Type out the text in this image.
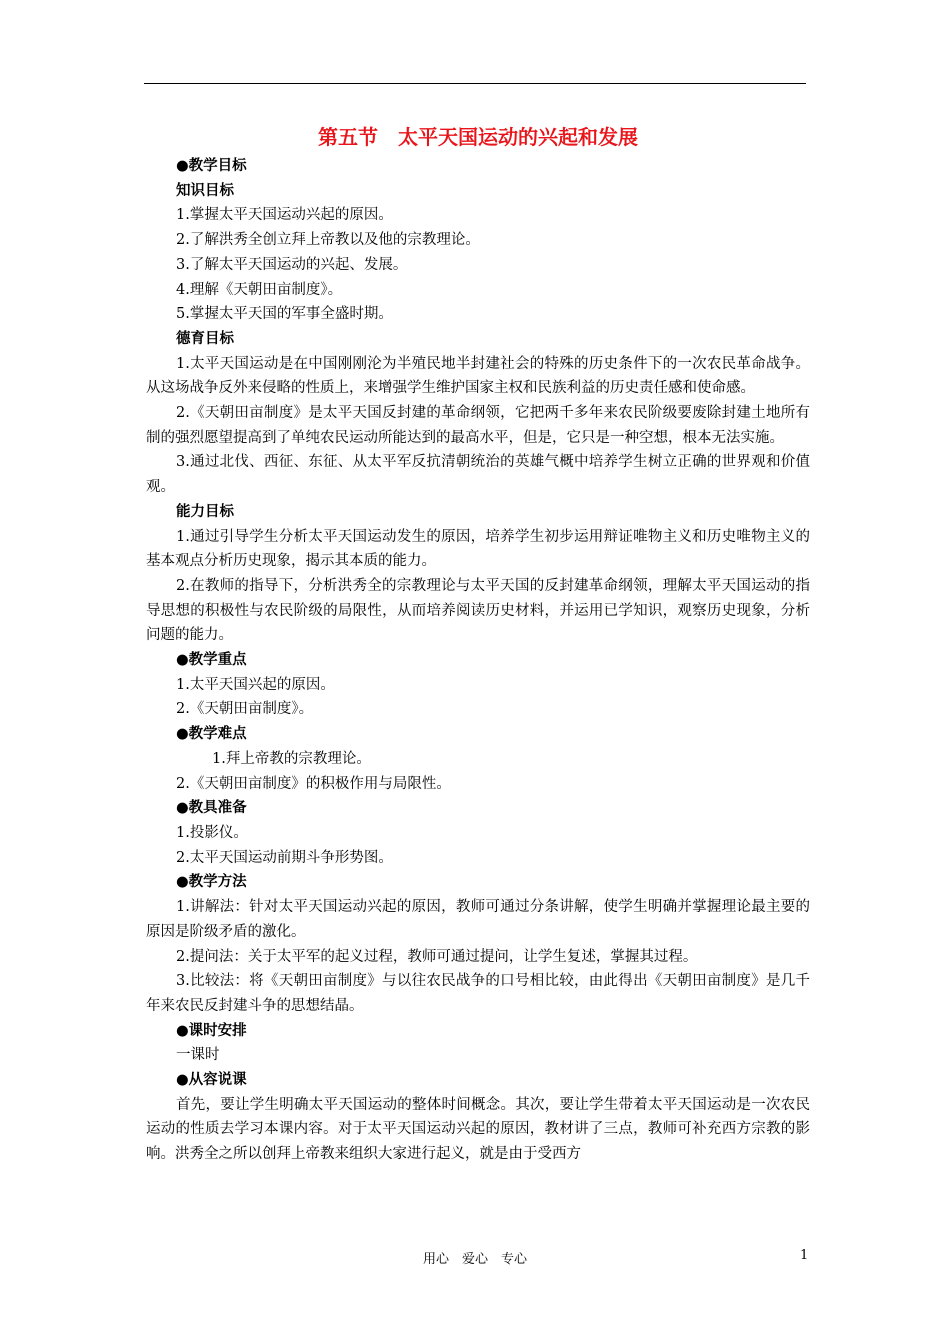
第五节　太平天国运动的兴起和发展
●教学目标
知识目标
1.掌握太平天国运动兴起的原因。
2.了解洪秀全创立拜上帝教以及他的宗教理论。
3.了解太平天国运动的兴起、发展。
4.理解《天朝田亩制度》。
5.掌握太平天国的军事全盛时期。
德育目标

1.太平天国运动是在中国刚刚沦为半殖民地半封建社会的特殊的历史条件下的一次农民革命战争。从这场战争反外来侵略的性质上，来增强学生维护国家主权和民族利益的历史责任感和使命感。

2.《天朝田亩制度》是太平天国反封建的革命纲领，它把两千多年来农民阶级要废除封建土地所有制的强烈愿望提高到了单纯农民运动所能达到的最高水平，但是，它只是一种空想，根本无法实施。

3.通过北伐、西征、东征、从太平军反抗清朝统治的英雄气概中培养学生树立正确的世界观和价值观。

能力目标

1.通过引导学生分析太平天国运动发生的原因，培养学生初步运用辩证唯物主义和历史唯物主义的基本观点分析历史现象，揭示其本质的能力。

2.在教师的指导下，分析洪秀全的宗教理论与太平天国的反封建革命纲领，理解太平天国运动的指导思想的积极性与农民阶级的局限性，从而培养阅读历史材料，并运用已学知识，观察历史现象，分析问题的能力。

●教学重点
1.太平天国兴起的原因。
2.《天朝田亩制度》。
●教学难点
1.拜上帝教的宗教理论。
2.《天朝田亩制度》的积极作用与局限性。
●教具准备
1.投影仪。
2.太平天国运动前期斗争形势图。
●教学方法

1.讲解法：针对太平天国运动兴起的原因，教师可通过分条讲解，使学生明确并掌握理论最主要的原因是阶级矛盾的激化。

2.提问法：关于太平军的起义过程，教师可通过提问，让学生复述，掌握其过程。

3.比较法：将《天朝田亩制度》与以往农民战争的口号相比较，由此得出《天朝田亩制度》是几千年来农民反封建斗争的思想结晶。

●课时安排
一课时
●从容说课

首先，要让学生明确太平天国运动的整体时间概念。其次，要让学生带着太平天国运动是一次农民运动的性质去学习本课内容。对于太平天国运动兴起的原因，教材讲了三点，教师可补充西方宗教的影响。洪秀全之所以创拜上帝教来组织大家进行起义，就是由于受西方

用心　爱心　专心	1
